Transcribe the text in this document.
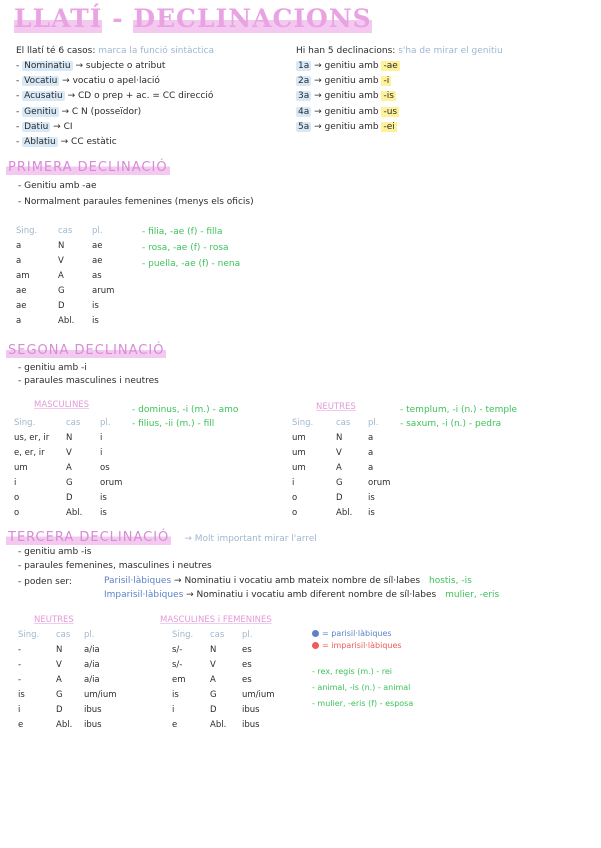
LLATÍ - DECLINACIONS
El llatí té 6 casos: marca la funció sintàctica
- Nominatiu → subjecte o atribut
- Vocatiu → vocatiu o apel·lació
- Acusatiu → CD o prep + ac. = CC direcció
- Genitiu → C N (posseïdor)
- Datiu → CI
- Ablatiu → CC estàtic
Hi han 5 declinacions: s'ha de mirar el genitiu
1a → genitiu amb -ae
2a → genitiu amb -i
3a → genitiu amb -is
4a → genitiu amb -us
5a → genitiu amb -ei
PRIMERA DECLINACIÓ
- Genitiu amb -ae
- Normalment paraules femenines (menys els oficis)
Sing.	cas	pl.
a	N	ae
a	V	ae
am	A	as
ae	G	arum
ae	D	is
a	Abl.	is
- filia, -ae (f) - filla
- rosa, -ae (f) - rosa
- puella, -ae (f) - nena
SEGONA DECLINACIÓ
- genitiu amb -i
- paraules masculines i neutres
MASCULINES	- dominus, -i (m.) - amo
- filius, -ii (m.) - fill
Sing.	cas	pl.
us, er, ir	N	i
e, er, ir	V	i
um	A	os
i	G	orum
o	D	is
o	Abl.	is
NEUTRES	- templum, -i (n.) - temple
- saxum, -i (n.) - pedra
Sing.	cas	pl.
um	N	a
um	V	a
um	A	a
i	G	orum
o	D	is
o	Abl.	is
TERCERA DECLINACIÓ → Molt important mirar l'arrel
- genitiu amb -is
- paraules femenines, masculines i neutres
- poden ser:	Parisil·làbiques → Nominatiu i vocatiu amb mateix nombre de síl·labes hostis, -is
Imparisil·làbiques → Nominatiu i vocatiu amb diferent nombre de síl·labes mulier, -eris
NEUTRES
Sing.	cas	pl.
-	N	a/ia
-	V	a/ia
-	A	a/ia
is	G	um/ium
i	D	ibus
e	Abl.	ibus
MASCULINES i FEMENINES
Sing.	cas	pl.
s/-	N	es
s/-	V	es
em	A	es
is	G	um/ium
i	D	ibus
e	Abl.	ibus
= parisil·làbiques
= imparisil·làbiques
- rex, regis (m.) - rei
- animal, -is (n.) - animal
- mulier, -eris (f) - esposa
